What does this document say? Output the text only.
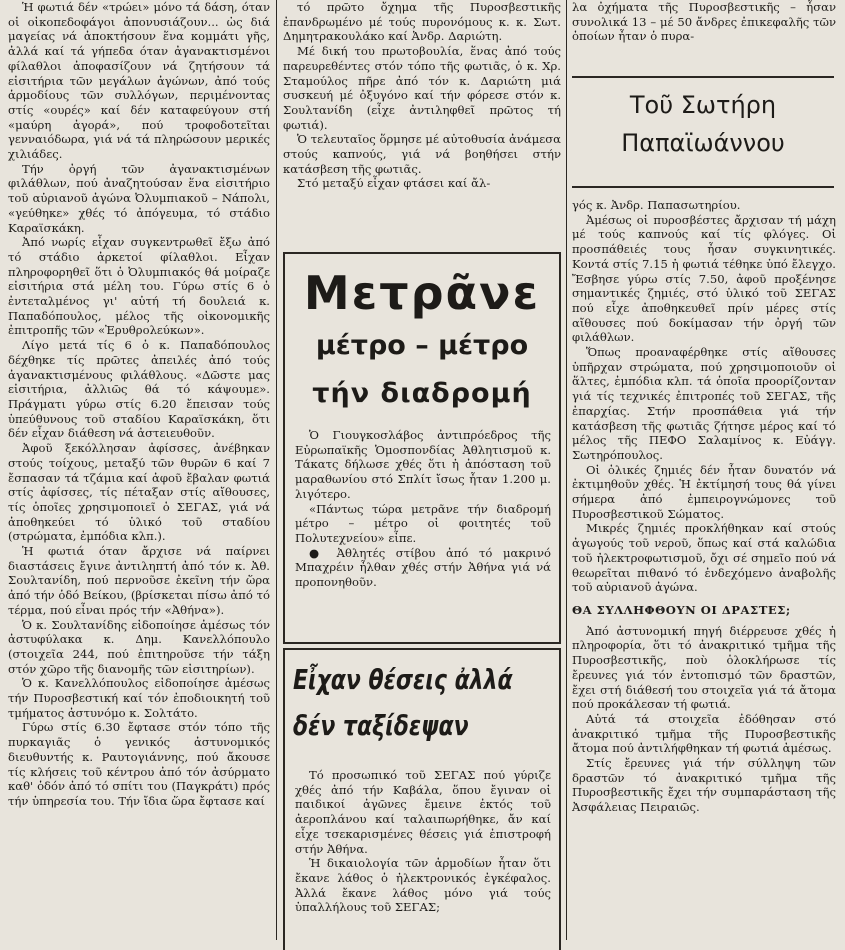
Ἡ φωτιά δέν «τρώει» μόνο τά δάση, όταν οἱ οἰκοπεδοφάγοι ἀπονυσιάζουν... ὡς διά μαγείας νά ἀποκτήσουν ἕνα κομμάτι γῆς, ἀλλά καί τά γήπεδα όταν ἀγανακτισμένοι φίλαθλοι ἀποφασίζουν νά ζητήσουν τά εἰσιτήρια τῶν μεγάλων ἀγώνων, ἀπό τούς ἁρμοδίους τῶν συλλόγων, περιμένοντας στίς «ουρές» καί δέν καταφεύγουν στή «μαύρη ἀγορά», πού τροφοδοτεῖται γενναιόδωρα, γιά νά τά πληρώσουν μερικές χιλιάδες.

Τήν ὀργή τῶν ἀγανακτισμένων φιλάθλων, πού ἀναζητούσαν ἕνα εἰσιτήριο τοῦ αὐριανοῦ ἀγώνα Ὀλυμπιακοῦ – Νάπολι, «γεύθηκε» χθές τό ἀπόγευμα, τό στάδιο Καραϊσκάκη.

Ἀπό νωρίς εἶχαν συγκεντρωθεῖ ἔξω ἀπό τό στάδιο ἀρκετοί φίλαθλοι. Εἶχαν πληροφορηθεῖ ὅτι ὁ Ὀλυμπιακός θά μοίραζε εἰσιτήρια στά μέλη του. Γύρω στίς 6 ὁ ἐντεταλμένος γι' αὐτή τή δουλειά κ. Παπαδόπουλος, μέλος τῆς οἰκονομικῆς ἐπιτροπῆς τῶν «Ἐρυθρολεύκων».

Λίγο μετά τίς 6 ὁ κ. Παπαδόπουλος δέχθηκε τίς πρῶτες ἀπειλές ἀπό τούς ἀγανακτισμένους φιλάθλους. «Δῶστε μας εἰσιτήρια, ἀλλιῶς θά τό κάψουμε». Πράγματι γύρω στίς 6.20 ἔπεισαν τούς ὑπεύθυνους τοῦ σταδίου Καραϊσκάκη, ὅτι δέν εἶχαν διάθεση νά ἀστειευθοῦν.

Ἀφοῦ ξεκόλλησαν ἀφίσσες, ἀνέβηκαν στούς τοίχους, μεταξύ τῶν θυρῶν 6 καί 7 ἔσπασαν τά τζάμια καί ἀφοῦ ἔβαλαν φωτιά στίς ἀφίσσες, τίς πέταξαν στίς αἴθουσες, τίς ὁποῖες χρησιμοποιεῖ ὁ ΣΕΓΑΣ, γιά νά ἀποθηκεύει τό ὑλικό τοῦ σταδίου (στρώματα, ἐμπόδια κλπ.).

Ἡ φωτιά όταν ἄρχισε νά παίρνει διαστάσεις ἔγινε ἀντιληπτή ἀπό τόν κ. Ἀθ. Σουλτανίδη, πού περνοῦσε ἐκεῖνη τήν ὥρα ἀπό τήν ὁδό Βείκου, (βρίσκεται πίσω ἀπό τό τέρμα, πού εἶναι πρός τήν «Ἀθήνα»).

Ὁ κ. Σουλτανίδης εἰδοποίησε ἀμέσως τόν ἀστυφύλακα κ. Δημ. Κανελλόπουλο (στοιχεῖα 244, πού ἐπιτηροῦσε τήν τάξη στόν χῶρο τῆς διανομῆς τῶν εἰσιτηρίων).

Ὁ κ. Κανελλόπουλος εἰδοποίησε ἀμέσως τήν Πυροσβεστική καί τόν ἐποδιοικητή τοῦ τμήματος ἀστυνόμο κ. Σολτάτο.

Γύρω στίς 6.30 ἔφτασε στόν τόπο τῆς πυρκαγιᾶς ὁ γενικός ἀστυνομικός διευθυντής κ. Ραυτογιάννης, πού ἄκουσε τίς κλήσεις τοῦ κέντρου ἀπό τόν ἀσύρματο καθ' ὁδόν ἀπό τό σπίτι του (Παγκράτι) πρός τήν ὑπηρεσία του. Τήν ἴδια ὥρα ἔφτασε καί

τό πρῶτο ὄχημα τῆς Πυροσβεστικῆς ἐπανδρωμένο μέ τούς πυρονόμους κ. κ. Σωτ. Δημητρακουλάκο καί Ἀνδρ. Δαριώτη.

Μέ δική του πρωτοβουλία, ἕνας ἀπό τούς παρευρεθέντες στόν τόπο τῆς φωτιᾶς, ὁ κ. Χρ. Σταμούλος πῆρε ἀπό τόν κ. Δαριώτη μιά συσκευή μέ ὀξυγόνο καί τήν φόρεσε στόν κ. Σουλτανίδη (εἶχε ἀντιληφθεῖ πρῶτος τή φωτιά).

Ὁ τελευταῖος ὅρμησε μέ αὐτοθυσία ἀνάμεσα στούς καπνούς, γιά νά βοηθήσει στήν κατάσβεση τῆς φωτιᾶς.

Στό μεταξύ εἶχαν φτάσει καί ἄλ-

Μετρᾶνε
μέτρο – μέτρο
τήν διαδρομή

Ὁ Γιουγκοσλάβος ἀντιπρόεδρος τῆς Εὐρωπαϊκῆς Ὁμοσπονδίας Ἀθλητισμοῦ κ. Τάκατς δήλωσε χθές ὅτι ἡ ἀπόσταση τοῦ μαραθωνίου στό Σπλίτ ἴσως ἦταν 1.200 μ. λιγότερο.

«Πάντως τώρα μετρᾶνε τήν διαδρομή μέτρο – μέτρο οἱ φοιτητές τοῦ Πολυτεχνείου» εἶπε.

● Ἀθλητές στίβου ἀπό τό μακρινό Μπαχρέιν ἦλθαν χθές στήν Ἀθήνα γιά νά προπονηθοῦν.

Εἶχαν θέσεις ἀλλά
δέν ταξίδεψαν

Τό προσωπικό τοῦ ΣΕΓΑΣ πού γύριζε χθές ἀπό τήν Καβάλα, ὅπου ἔγιναν οἱ παιδικοί ἀγῶνες ἔμεινε ἐκτός τοῦ ἀεροπλάνου καί ταλαιπωρήθηκε, ἄν καί εἶχε τσεκαρισμένες θέσεις γιά ἐπιστροφή στήν Ἀθήνα.

Ἡ δικαιολογία τῶν ἁρμοδίων ἦταν ὅτι ἔκανε λάθος ὁ ἠλεκτρονικός ἐγκέφαλος. Ἀλλά ἔκανε λάθος μόνο γιά τούς ὑπαλλήλους τοῦ ΣΕΓΑΣ;

λα ὀχήματα τῆς Πυροσβεστικῆς – ἦσαν συνολικά 13 – μέ 50 ἄνδρες ἐπικεφαλῆς τῶν ὁποίων ἦταν ὁ πυρα-

Τοῦ Σωτήρη
Παπαϊωάννου

γός κ. Ἀνδρ. Παπασωτηρίου.

Ἀμέσως οἱ πυροσβέστες ἄρχισαν τή μάχη μέ τούς καπνούς καί τίς φλόγες. Οἱ προσπάθειές τους ἦσαν συγκινητικές. Κοντά στίς 7.15 ἡ φωτιά τέθηκε ὑπό ἔλεγχο. Ἔσβησε γύρω στίς 7.50, ἀφοῦ προξένησε σημαντικές ζημιές, στό ὑλικό τοῦ ΣΕΓΑΣ πού εἶχε ἀποθηκευθεῖ πρίν μέρες στίς αἴθουσες πού δοκίμασαν τήν ὀργή τῶν φιλάθλων.

Ὅπως προαναφέρθηκε στίς αἴθουσες ὑπῆρχαν στρώματα, πού χρησιμοποιοῦν οἱ ἅλτες, ἐμπόδια κλπ. τά ὁποῖα προορίζονταν γιά τίς τεχνικές ἐπιτροπές τοῦ ΣΕΓΑΣ, τῆς ἐπαρχίας. Στήν προσπάθεια γιά τήν κατάσβεση τῆς φωτιᾶς ζήτησε μέρος καί τό μέλος τῆς ΠΕΦΟ Σαλαμίνος κ. Εὐάγγ. Σωτηρόπουλος.

Οἱ ὁλικές ζημιές δέν ἦταν δυνατόν νά ἐκτιμηθοῦν χθές. Ἡ ἐκτίμησή τους θά γίνει σήμερα ἀπό ἐμπειρογνώμονες τοῦ Πυροσβεστικοῦ Σώματος.

Μικρές ζημιές προκλήθηκαν καί στούς ἀγωγούς τοῦ νεροῦ, ὅπως καί στά καλώδια τοῦ ἠλεκτροφωτισμοῦ, ὄχι σέ σημεῖο πού νά θεωρεῖται πιθανό τό ἐνδεχόμενο ἀναβολῆς τοῦ αὐριανοῦ ἀγώνα.

ΘΑ ΣΥΛΛΗΦΘΟΥΝ ΟΙ ΔΡΑΣΤΕΣ;

Ἀπό ἀστυνομική πηγή διέρρευσε χθές ἡ πληροφορία, ὅτι τό ἀνακριτικό τμῆμα τῆς Πυροσβεστικῆς, ποὺ ὁλοκλήρωσε τίς ἔρευνες γιά τόν ἐντοπισμό τῶν δραστῶν, ἔχει στή διάθεσή του στοιχεῖα γιά τά ἄτομα πού προκάλεσαν τή φωτιά.

Αὐτά τά στοιχεῖα ἐδόθησαν στό ἀνακριτικό τμῆμα τῆς Πυροσβεστικῆς ἄτομα πού ἀντιλήφθηκαν τή φωτιά ἀμέσως.

Στίς ἔρευνες γιά τήν σύλληψη τῶν δραστῶν τό ἀνακριτικό τμῆμα τῆς Πυροσβεστικῆς ἔχει τήν συμπαράσταση τῆς Ἀσφάλειας Πειραιῶς.
